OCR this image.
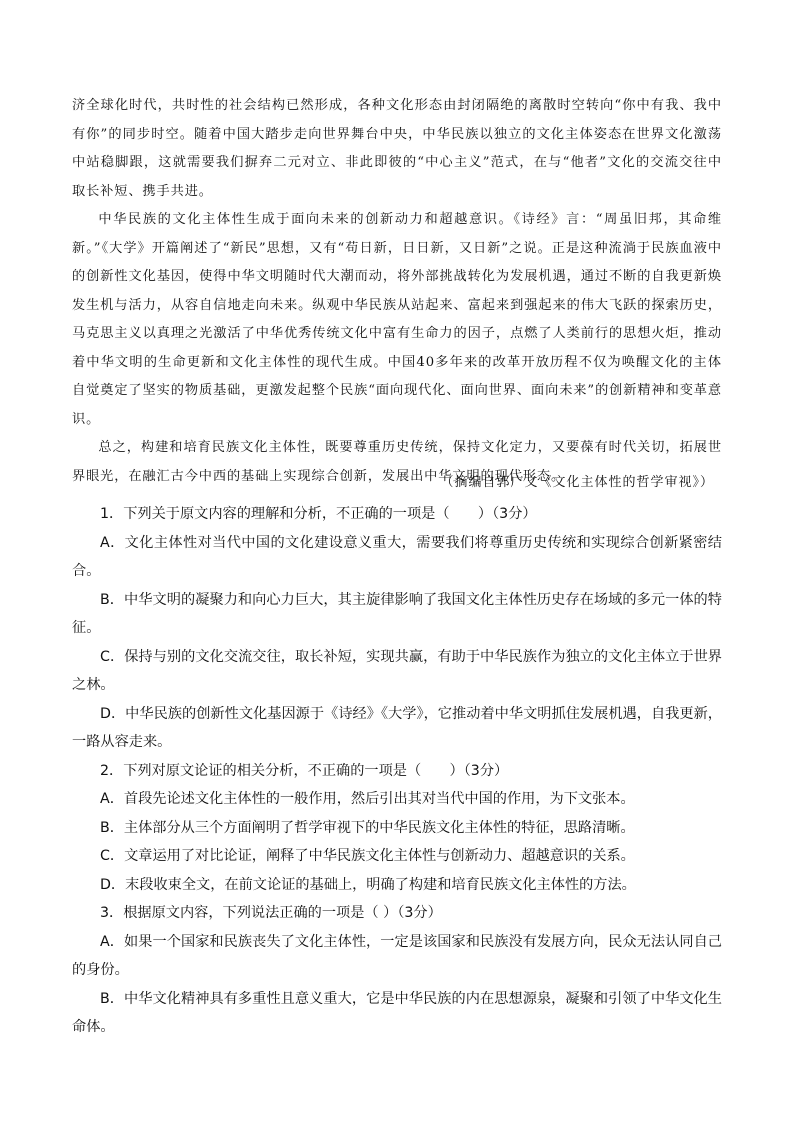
济全球化时代，共时性的社会结构已然形成，各种文化形态由封闭隔绝的离散时空转向“你中有我、我中有你”的同步时空。随着中国大踏步走向世界舞台中央，中华民族以独立的文化主体姿态在世界文化激荡中站稳脚跟，这就需要我们摒弃二元对立、非此即彼的“中心主义”范式，在与“他者”文化的交流交往中取长补短、携手共进。

中华民族的文化主体性生成于面向未来的创新动力和超越意识。《诗经》言：“周虽旧邦，其命维新。”《大学》开篇阐述了“新民”思想，又有“苟日新，日日新，又日新”之说。正是这种流淌于民族血液中的创新性文化基因，使得中华文明随时代大潮而动，将外部挑战转化为发展机遇，通过不断的自我更新焕发生机与活力，从容自信地走向未来。纵观中华民族从站起来、富起来到强起来的伟大飞跃的探索历史，马克思主义以真理之光激活了中华优秀传统文化中富有生命力的因子，点燃了人类前行的思想火炬，推动着中华文明的生命更新和文化主体性的现代生成。中国40多年来的改革开放历程不仅为唤醒文化的主体自觉奠定了坚实的物质基础，更激发起整个民族“面向现代化、面向世界、面向未来”的创新精神和变革意识。

总之，构建和培育民族文化主体性，既要尊重历史传统，保持文化定力，又要葆有时代关切，拓展世界眼光，在融汇古今中西的基础上实现综合创新，发展出中华文明的现代形态。

（摘编自郭广文《文化主体性的哲学审视》）

1．下列关于原文内容的理解和分析，不正确的一项是（　　）（3分）

A．文化主体性对当代中国的文化建设意义重大，需要我们将尊重历史传统和实现综合创新紧密结合。

B．中华文明的凝聚力和向心力巨大，其主旋律影响了我国文化主体性历史存在场域的多元一体的特征。

C．保持与别的文化交流交往，取长补短，实现共赢，有助于中华民族作为独立的文化主体立于世界之林。

D．中华民族的创新性文化基因源于《诗经》《大学》，它推动着中华文明抓住发展机遇，自我更新，一路从容走来。

2．下列对原文论证的相关分析，不正确的一项是（　　）（3分）

A．首段先论述文化主体性的一般作用，然后引出其对当代中国的作用，为下文张本。

B．主体部分从三个方面阐明了哲学审视下的中华民族文化主体性的特征，思路清晰。

C．文章运用了对比论证，阐释了中华民族文化主体性与创新动力、超越意识的关系。

D．末段收束全文，在前文论证的基础上，明确了构建和培育民族文化主体性的方法。

3．根据原文内容，下列说法正确的一项是（ ）（3分）

A．如果一个国家和民族丧失了文化主体性，一定是该国家和民族没有发展方向，民众无法认同自己的身份。

B．中华文化精神具有多重性且意义重大，它是中华民族的内在思想源泉，凝聚和引领了中华文化生命体。
